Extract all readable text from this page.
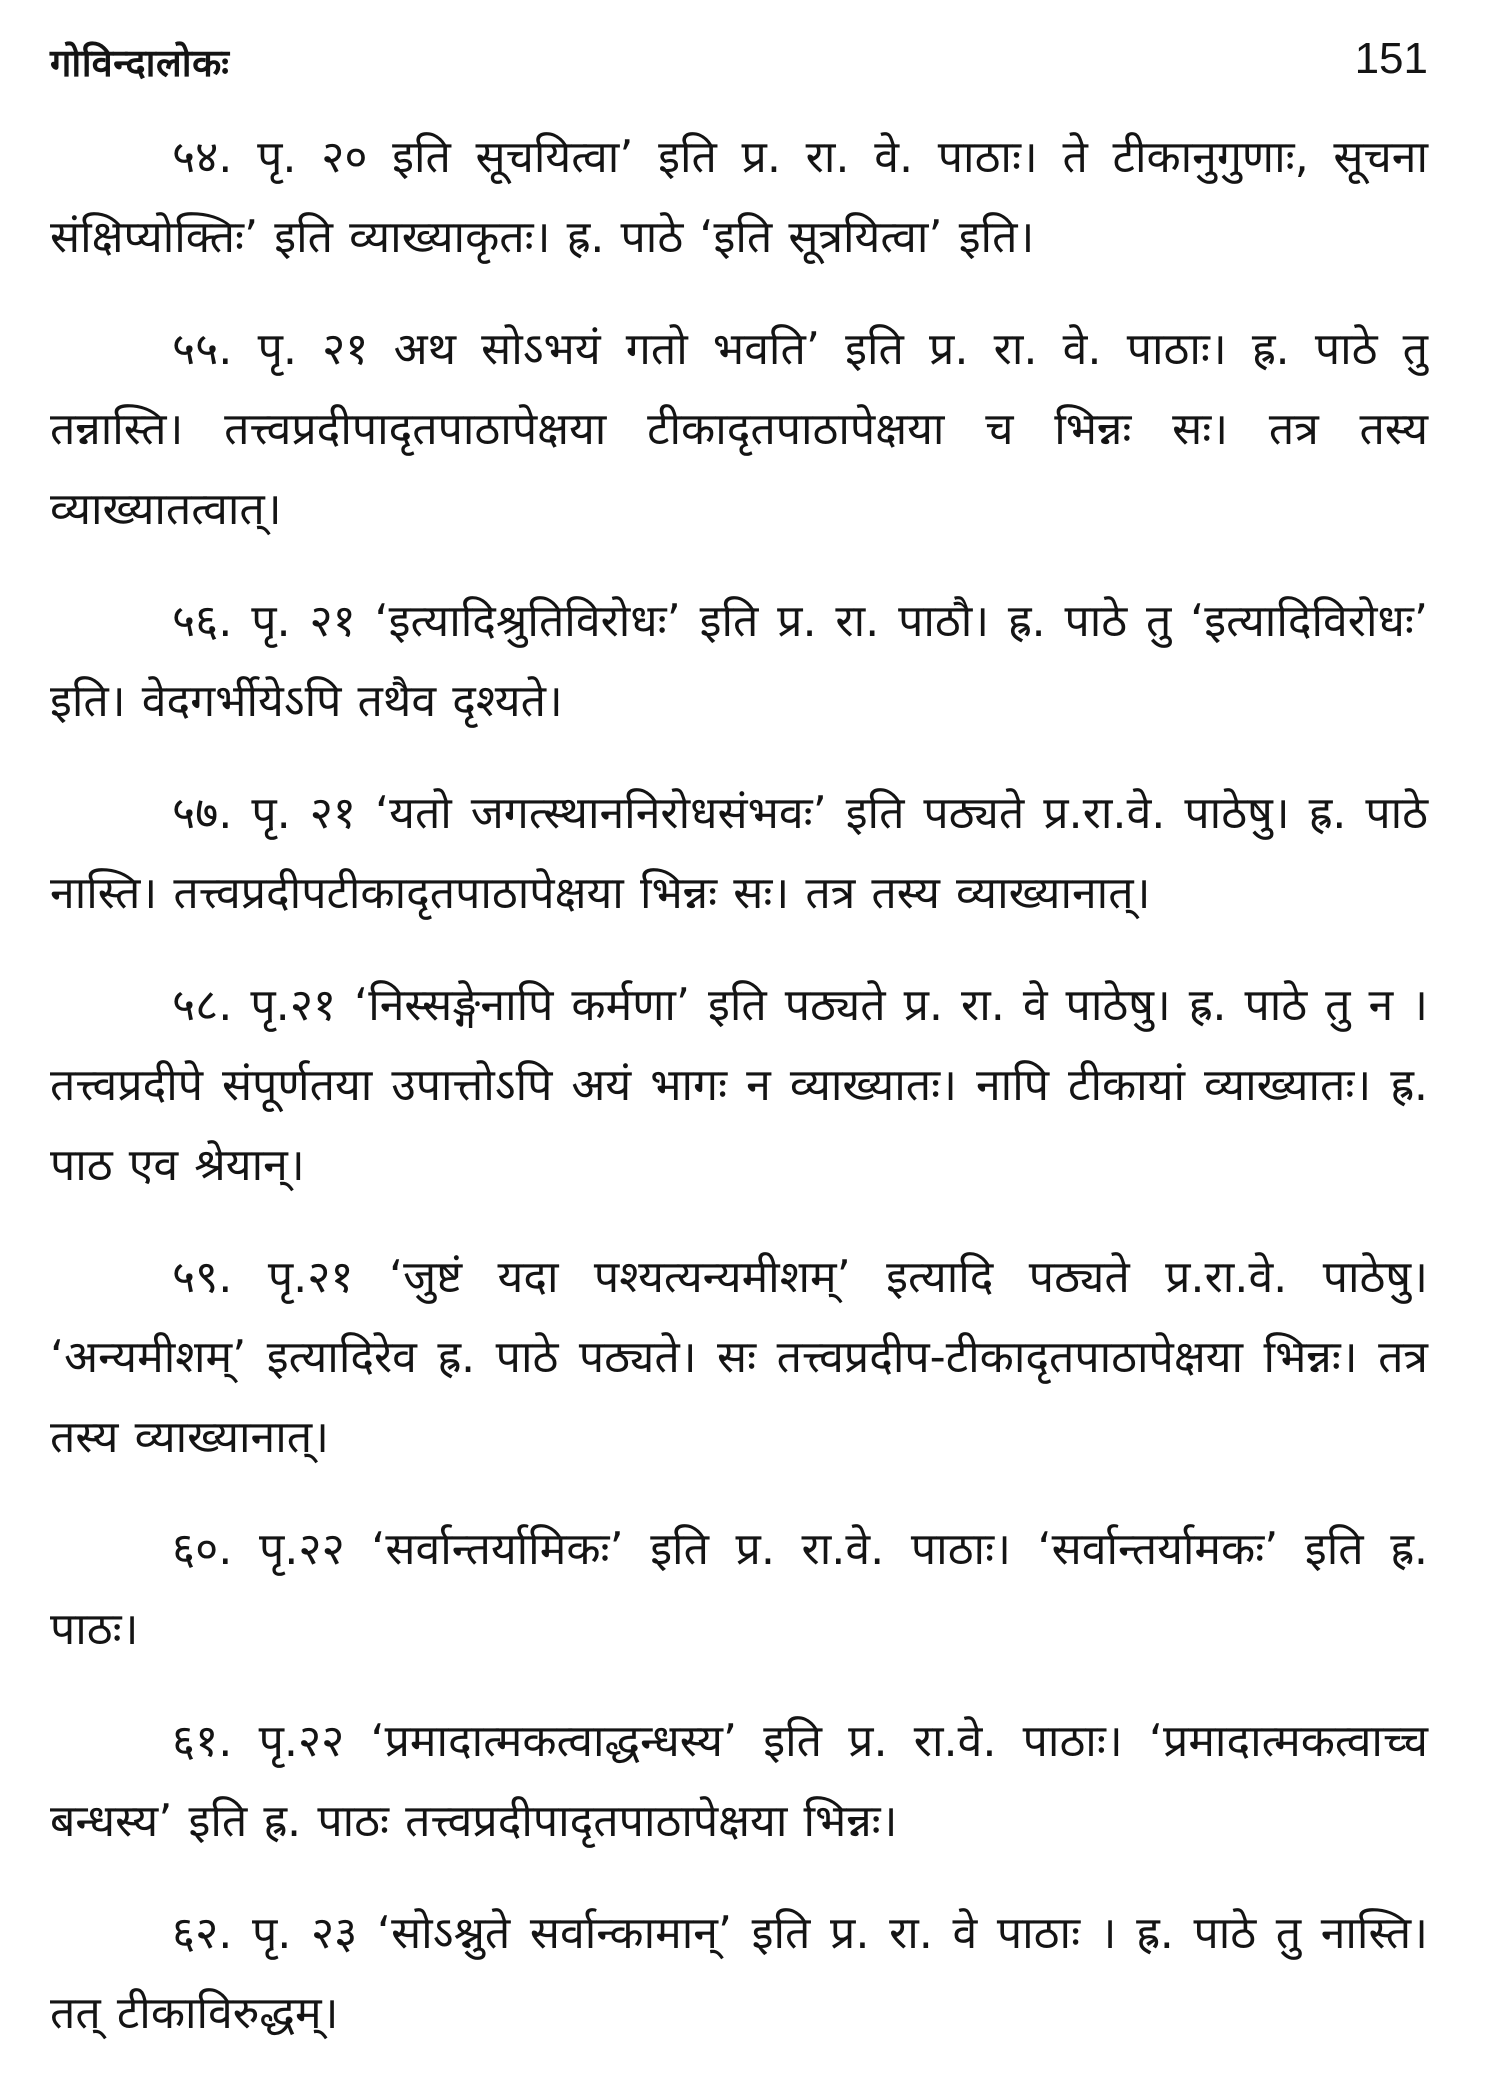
गोविन्दालोकः	151

५४. पृ. २० इति सूचयित्वा’ इति प्र. रा. वे. पाठाः। ते टीकानुगुणाः, सूचना संक्षिप्योक्तिः’ इति व्याख्याकृतः। ह्र. पाठे ‘इति सूत्रयित्वा’ इति।

५५. पृ. २१ अथ सोऽभयं गतो भवति’ इति प्र. रा. वे. पाठाः। ह्र. पाठे तु तन्नास्ति। तत्त्वप्रदीपादृतपाठापेक्षया टीकादृतपाठापेक्षया च भिन्नः सः। तत्र तस्य व्याख्यातत्वात्।

५६. पृ. २१ ‘इत्यादिश्रुतिविरोधः’ इति प्र. रा. पाठौ। ह्र. पाठे तु ‘इत्यादिविरोधः’ इति। वेदगर्भीयेऽपि तथैव दृश्यते।

५७. पृ. २१ ‘यतो जगत्स्थाननिरोधसंभवः’ इति पठ्यते प्र.रा.वे. पाठेषु। ह्र. पाठे नास्ति। तत्त्वप्रदीपटीकादृतपाठापेक्षया भिन्नः सः। तत्र तस्य व्याख्यानात्।

५८. पृ.२१ ‘निस्सङ्गेनापि कर्मणा’ इति पठ्यते प्र. रा. वे पाठेषु। ह्र. पाठे तु न । तत्त्वप्रदीपे संपूर्णतया उपात्तोऽपि अयं भागः न व्याख्यातः। नापि टीकायां व्याख्यातः। ह्र. पाठ एव श्रेयान्।

५९. पृ.२१ ‘जुष्टं यदा पश्यत्यन्यमीशम्’ इत्यादि पठ्यते प्र.रा.वे. पाठेषु। ‘अन्यमीशम्’ इत्यादिरेव ह्र. पाठे पठ्यते। सः तत्त्वप्रदीप-टीकादृतपाठापेक्षया भिन्नः। तत्र तस्य व्याख्यानात्।

६०. पृ.२२ ‘सर्वान्तर्यामिकः’ इति प्र. रा.वे. पाठाः। ‘सर्वान्तर्यामकः’ इति ह्र. पाठः।

६१. पृ.२२ ‘प्रमादात्मकत्वाद्धन्धस्य’ इति प्र. रा.वे. पाठाः। ‘प्रमादात्मकत्वाच्च बन्धस्य’ इति ह्र. पाठः तत्त्वप्रदीपादृतपाठापेक्षया भिन्नः।

६२. पृ. २३ ‘सोऽश्नुते सर्वान्कामान्’ इति प्र. रा. वे पाठाः । ह्र. पाठे तु नास्ति। तत् टीकाविरुद्धम्।
